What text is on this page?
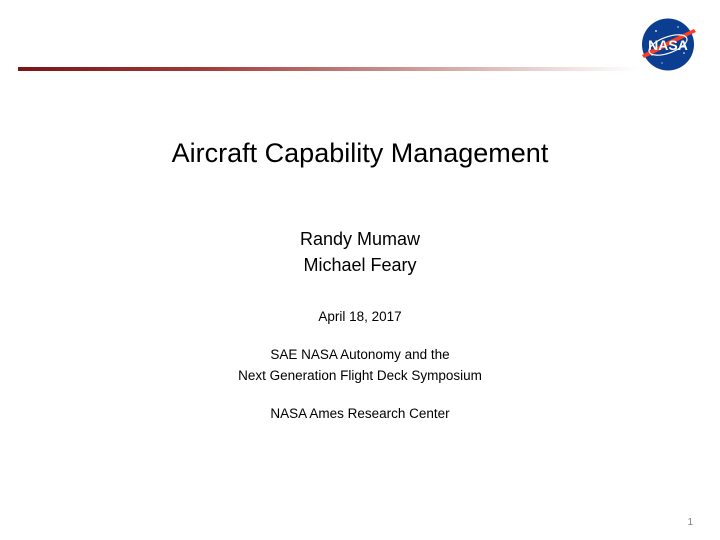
NASA
Aircraft Capability Management
Randy Mumaw
Michael Feary
April 18, 2017
SAE NASA Autonomy and the
Next Generation Flight Deck Symposium
NASA Ames Research Center
1
